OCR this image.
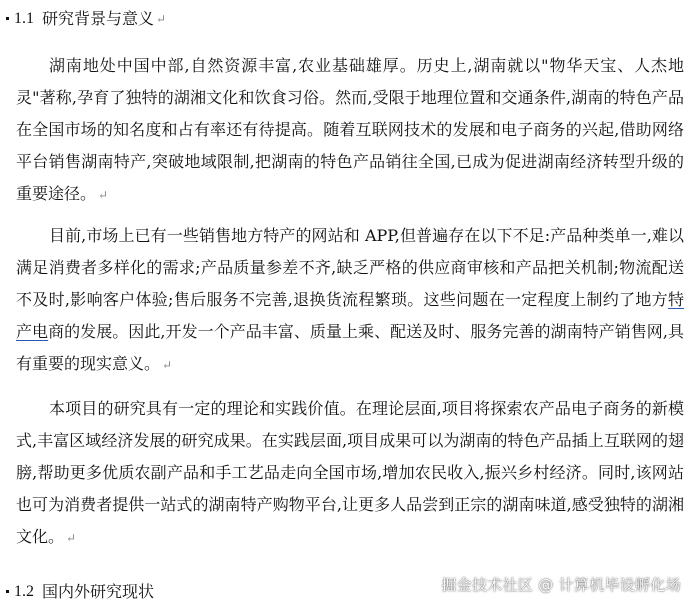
1.1 研究背景与意义 ↵
湖南地处中国中部,自然资源丰富,农业基础雄厚。历史上,湖南就以"物华天宝、人杰地灵"著称,孕育了独特的湖湘文化和饮食习俗。然而,受限于地理位置和交通条件,湖南的特色产品在全国市场的知名度和占有率还有待提高。随着互联网技术的发展和电子商务的兴起,借助网络平台销售湖南特产,突破地域限制,把湖南的特色产品销往全国,已成为促进湖南经济转型升级的重要途径。 ↵
目前,市场上已有一些销售地方特产的网站和 APP,但普遍存在以下不足:产品种类单一,难以满足消费者多样化的需求;产品质量参差不齐,缺乏严格的供应商审核和产品把关机制;物流配送不及时,影响客户体验;售后服务不完善,退换货流程繁琐。这些问题在一定程度上制约了地方特产电商的发展。因此,开发一个产品丰富、质量上乘、配送及时、服务完善的湖南特产销售网,具有重要的现实意义。 ↵
本项目的研究具有一定的理论和实践价值。在理论层面,项目将探索农产品电子商务的新模式,丰富区域经济发展的研究成果。在实践层面,项目成果可以为湖南的特色产品插上互联网的翅膀,帮助更多优质农副产品和手工艺品走向全国市场,增加农民收入,振兴乡村经济。同时,该网站也可为消费者提供一站式的湖南特产购物平台,让更多人品尝到正宗的湖南味道,感受独特的湖湘文化。 ↵
1.2 国内外研究现状	掘金技术社区 @ 计算机毕设孵化场
